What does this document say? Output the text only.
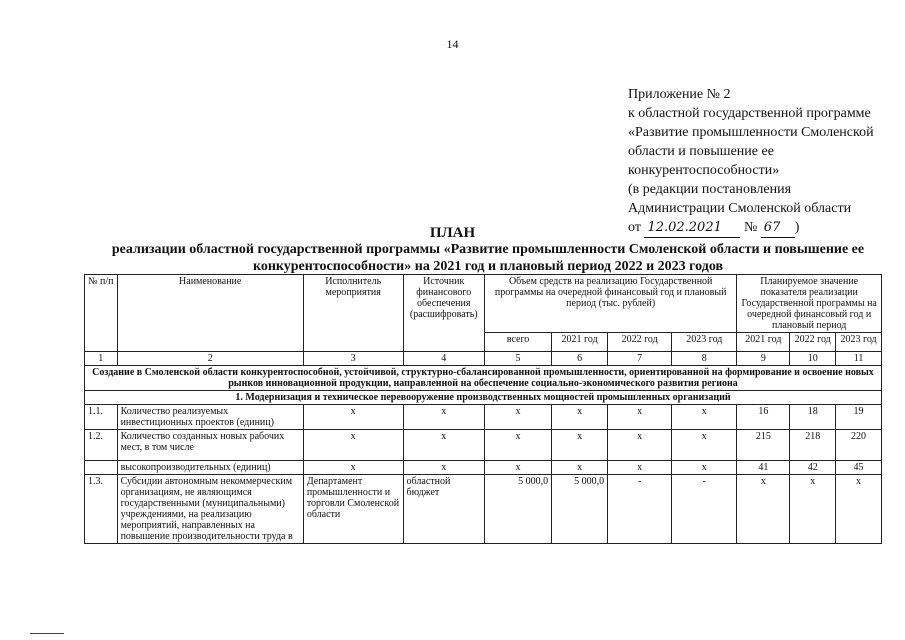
14
Приложение № 2
к областной государственной программе
«Развитие промышленности Смоленской
области и повышение ее
конкурентоспособности»
(в редакции постановления
Администрации Смоленской области
от 12.02.2021 № 67 )
ПЛАН
реализации областной государственной программы «Развитие промышленности Смоленской области и повышение ее конкурентоспособности» на 2021 год и плановый период 2022 и 2023 годов
№ п/п	Наименование	Исполнитель мероприятия	Источник финансового обеспечения (расшифровать)	Объем средств на реализацию Государственной программы на очередной финансовый год и плановый период (тыс. рублей)				Планируемое значение показателя реализации Государственной программы на очередной финансовый год и плановый период		
				всего	2021 год	2022 год	2023 год	2021 год	2022 год	2023 год
1	2	3	4	5	6	7	8	9	10	11
Создание в Смоленской области конкурентоспособной, устойчивой, структурно-сбалансированной промышленности, ориентированной на формирование и освоение новых рынков инновационной продукции, направленной на обеспечение социально-экономического развития региона										
1. Модернизация и техническое перевооружение производственных мощностей промышленных организаций										
1.1.	Количество реализуемых инвестиционных проектов (единиц)	x	x	x	x	x	x	16	18	19
1.2.	Количество созданных новых рабочих мест, в том числе	x	x	x	x	x	x	215	218	220
	высокопроизводительных (единиц)	x	x	x	x	x	x	41	42	45
1.3.	Субсидии автономным некоммерческим организациям, не являющимся государственными (муниципальными) учреждениями, на реализацию мероприятий, направленных на повышение производительности труда в	Департамент промышленности и торговли Смоленской области	областной бюджет	5 000,0	5 000,0	-	-	x	x	x
